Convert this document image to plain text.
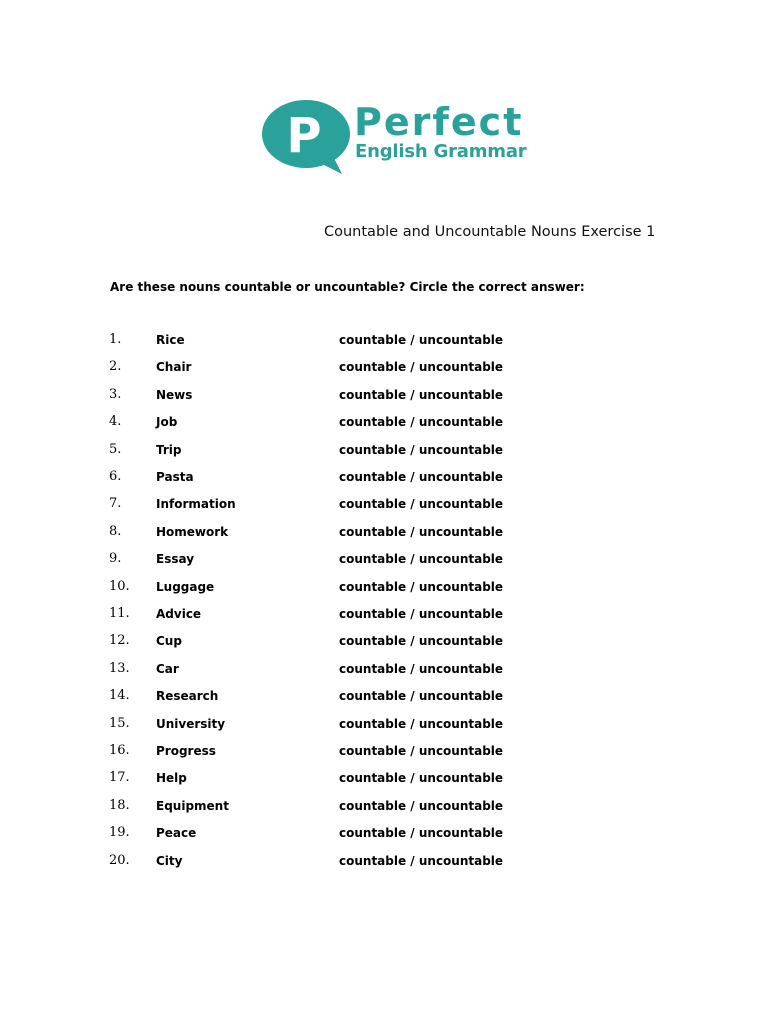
P Perfect
English Grammar
Countable and Uncountable Nouns Exercise 1
Are these nouns countable or uncountable? Circle the correct answer:
1.	Rice	countable / uncountable
2.	Chair	countable / uncountable
3.	News	countable / uncountable
4.	Job	countable / uncountable
5.	Trip	countable / uncountable
6.	Pasta	countable / uncountable
7.	Information	countable / uncountable
8.	Homework	countable / uncountable
9.	Essay	countable / uncountable
10. Luggage	countable / uncountable
11. Advice	countable / uncountable
12. Cup	countable / uncountable
13. Car	countable / uncountable
14. Research	countable / uncountable
15. University	countable / uncountable
16. Progress	countable / uncountable
17. Help	countable / uncountable
18. Equipment	countable / uncountable
19. Peace	countable / uncountable
20. City	countable / uncountable
